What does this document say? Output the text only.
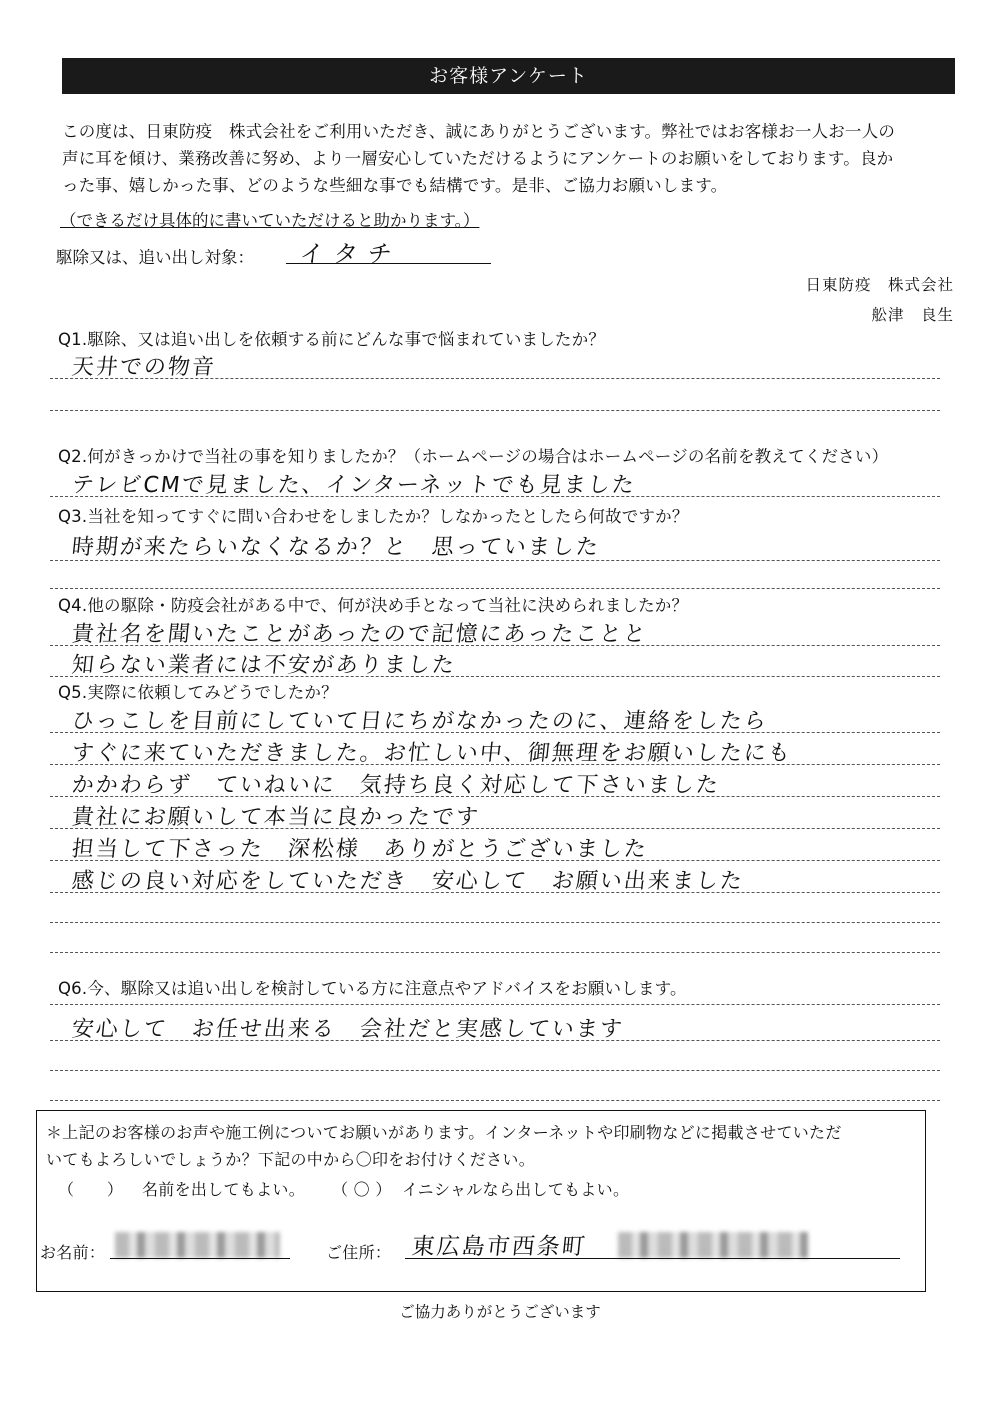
お客様アンケート

この度は、日東防疫　株式会社をご利用いただき、誠にありがとうございます。弊社ではお客様お一人お一人の

声に耳を傾け、業務改善に努め、より一層安心していただけるようにアンケートのお願いをしております。良か

った事、嬉しかった事、どのような些細な事でも結構です。是非、ご協力お願いします。

（できるだけ具体的に書いていただけると助かります。）
駆除又は、追い出し対象： イタチ
日東防疫　株式会社
舩津　良生
Q1.駆除、又は追い出しを依頼する前にどんな事で悩まれていましたか？
天井での物音
Q2.何がきっかけで当社の事を知りましたか？（ホームページの場合はホームページの名前を教えてください）
テレビCMで見ました、インターネットでも見ました
Q3.当社を知ってすぐに問い合わせをしましたか？しなかったとしたら何故ですか？
時期が来たらいなくなるか？と　思っていました
Q4.他の駆除・防疫会社がある中で、何が決め手となって当社に決められましたか？
貴社名を聞いたことがあったので記憶にあったことと
知らない業者には不安がありました
Q5.実際に依頼してみどうでしたか？
ひっこしを目前にしていて日にちがなかったのに、連絡をしたら
すぐに来ていただきました。お忙しい中、御無理をお願いしたにも
かかわらず　ていねいに　気持ち良く対応して下さいました
貴社にお願いして本当に良かったです
担当して下さった　深松様　ありがとうございました
感じの良い対応をしていただき　安心して　お願い出来ました
Q6.今、駆除又は追い出しを検討している方に注意点やアドバイスをお願いします。
安心して　お任せ出来る　会社だと実感しています
＊上記のお客様のお声や施工例についてお願いがあります。インターネットや印刷物などに掲載させていただ
いてもよろしいでしょうか？下記の中から〇印をお付けください。
（　　） 名前を出してもよい。 （ 〇 ） イニシャルなら出してもよい。
お名前：	ご住所： 東広島市西条町
ご協力ありがとうございます
